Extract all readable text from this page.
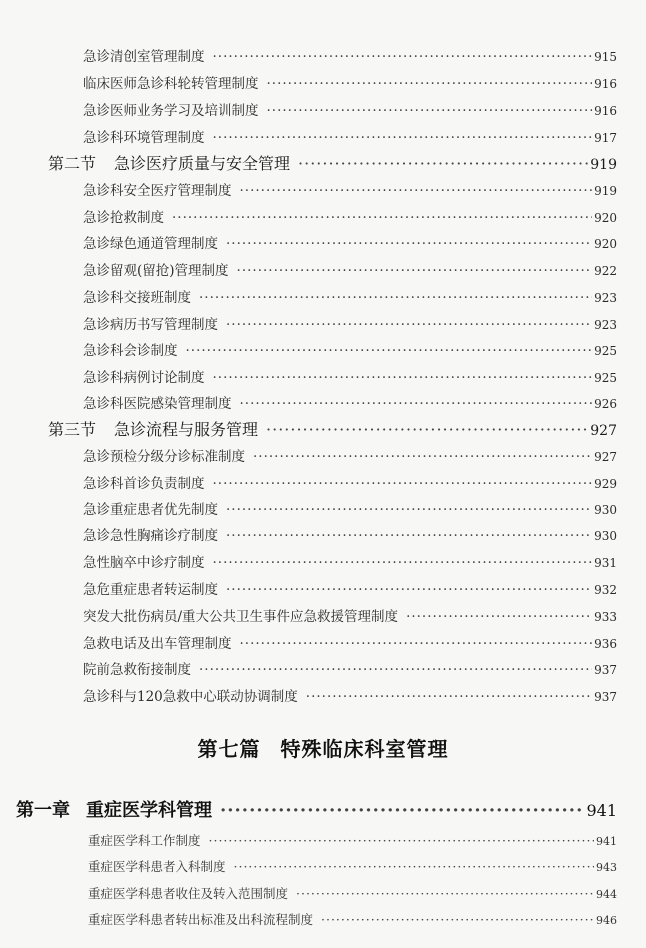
急诊清创室管理制度 ·····	915
临床医师急诊科轮转管理制度 ·····	916
急诊医师业务学习及培训制度 ·····	916
急诊科环境管理制度 ·····	917
第二节 急诊医疗质量与安全管理 ·····	919
急诊科安全医疗管理制度 ·····	919
急诊抢救制度 ·····	920
急诊绿色通道管理制度 ·····	920
急诊留观(留抢)管理制度 ·····	922
急诊科交接班制度 ·····	923
急诊病历书写管理制度 ·····	923
急诊科会诊制度 ·····	925
急诊科病例讨论制度 ·····	925
急诊科医院感染管理制度 ·····	926
第三节 急诊流程与服务管理 ·····	927
急诊预检分级分诊标准制度 ·····	927
急诊科首诊负责制度 ·····	929
急诊重症患者优先制度 ·····	930
急诊急性胸痛诊疗制度 ·····	930
急性脑卒中诊疗制度 ·····	931
急危重症患者转运制度 ·····	932
突发大批伤病员/重大公共卫生事件应急救援管理制度 ·····	933
急救电话及出车管理制度 ·····	936
院前急救衔接制度 ·····	937
急诊科与120急救中心联动协调制度 ·····	937
第七篇 特殊临床科室管理
第一章 重症医学科管理 ·····	941
重症医学科工作制度 ·····	941
重症医学科患者入科制度 ·····	943
重症医学科患者收住及转入范围制度 ·····	944
重症医学科患者转出标准及出科流程制度 ·····	946
